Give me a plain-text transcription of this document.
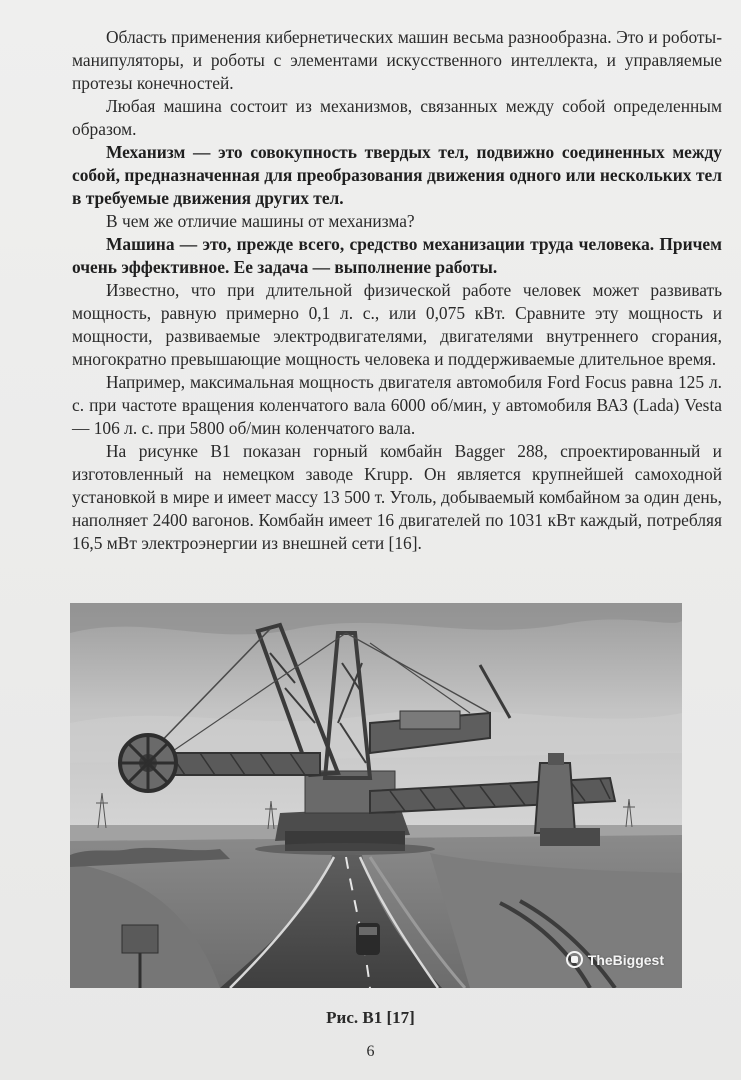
Область применения кибернетических машин весьма разнообразна. Это и роботы-манипуляторы, и роботы с элементами искусственного интеллекта, и управляемые протезы конечностей.

Любая машина состоит из механизмов, связанных между собой определенным образом.

Механизм — это совокупность твердых тел, подвижно соединенных между собой, предназначенная для преобразования движения одного или нескольких тел в требуемые движения других тел.

В чем же отличие машины от механизма?

Машина — это, прежде всего, средство механизации труда человека. Причем очень эффективное. Ее задача — выполнение работы.

Известно, что при длительной физической работе человек может развивать мощность, равную примерно 0,1 л. с., или 0,075 кВт. Сравните эту мощность и мощности, развиваемые электродвигателями, двигателями внутреннего сгорания, многократно превышающие мощность человека и поддерживаемые длительное время.

Например, максимальная мощность двигателя автомобиля Ford Focus равна 125 л. с. при частоте вращения коленчатого вала 6000 об/мин, у автомобиля ВАЗ (Lada) Vesta — 106 л. с. при 5800 об/мин коленчатого вала.

На рисунке В1 показан горный комбайн Bagger 288, спроектированный и изготовленный на немецком заводе Krupp. Он является крупнейшей самоходной установкой в мире и имеет массу 13 500 т. Уголь, добываемый комбайном за один день, наполняет 2400 вагонов. Комбайн имеет 16 двигателей по 1031 кВт каждый, потребляя 16,5 мВт электроэнергии из внешней сети [16].

TheBiggest
Рис. В1 [17]
6
